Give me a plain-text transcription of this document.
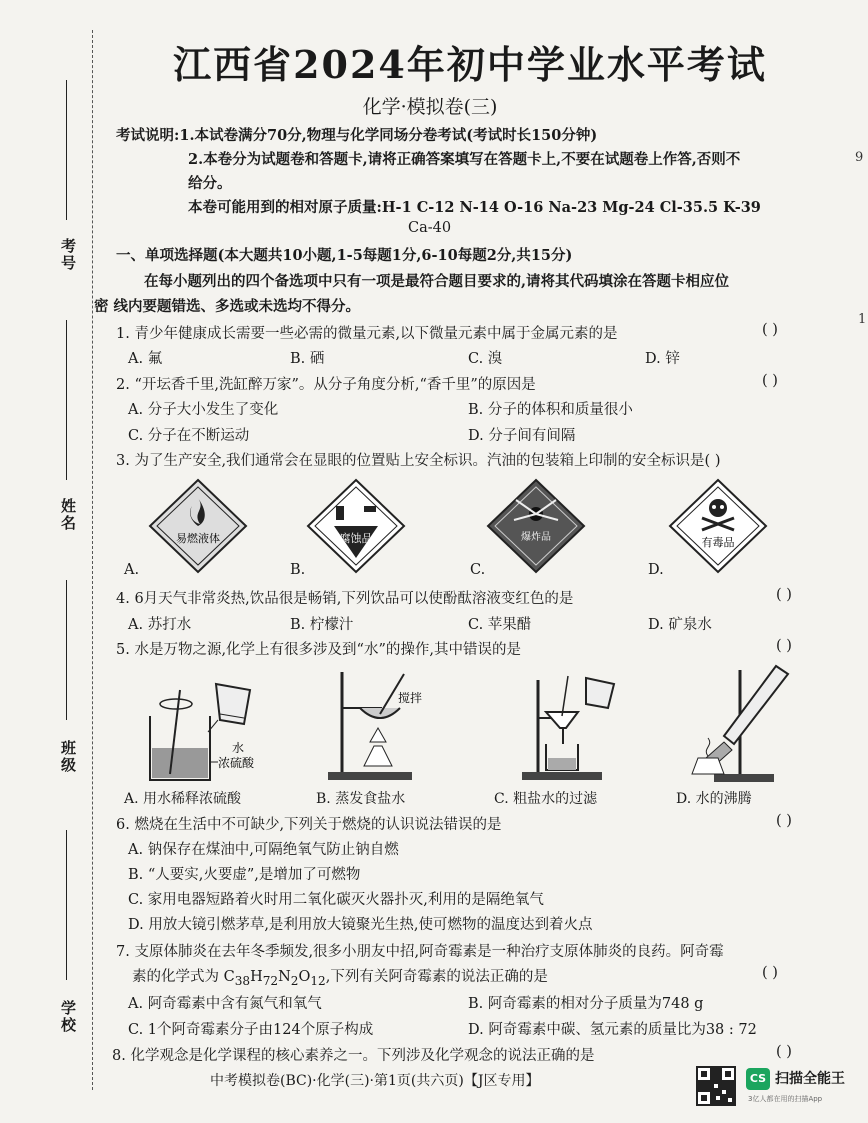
考号
姓名
班级
学校
9
1
江西省2024年初中学业水平考试
化学·模拟卷(三)
考试说明:1.本试卷满分70分,物理与化学同场分卷考试(考试时长150分钟)
2.本卷分为试题卷和答题卡,请将正确答案填写在答题卡上,不要在试题卷上作答,否则不
给分。
本卷可能用到的相对原子质量:H-1 C-12 N-14 O-16 Na-23 Mg-24 Cl-35.5 K-39
Ca-40
一、单项选择题(本大题共10小题,1-5每题1分,6-10每题2分,共15分)
在每小题列出的四个备选项中只有一项是最符合题目要求的,请将其代码填涂在答题卡相应位
密 线内要题错选、多选或未选均不得分。
1. 青少年健康成长需要一些必需的微量元素,以下微量元素中属于金属元素的是	( )
A. 氟	B. 硒	C. 溴	D. 锌
2. “开坛香千里,洗缸醉万家”。从分子角度分析,“香千里”的原因是	( )
A. 分子大小发生了变化	B. 分子的体积和质量很小
C. 分子在不断运动	D. 分子间有间隔
3. 为了生产安全,我们通常会在显眼的位置贴上安全标识。汽油的包装箱上印制的安全标识是( )
易燃液体	腐蚀品	爆炸品	有毒品
A.	B.	C.	D.
4. 6月天气非常炎热,饮品很是畅销,下列饮品可以使酚酞溶液变红色的是	( )
A. 苏打水	B. 柠檬汁	C. 苹果醋	D. 矿泉水
5. 水是万物之源,化学上有很多涉及到“水”的操作,其中错误的是	( )
水
浓硫酸
搅拌
A. 用水稀释浓硫酸	B. 蒸发食盐水	C. 粗盐水的过滤	D. 水的沸腾
6. 燃烧在生活中不可缺少,下列关于燃烧的认识说法错误的是	( )
A. 钠保存在煤油中,可隔绝氧气防止钠自燃
B. “人要实,火要虚”,是增加了可燃物
C. 家用电器短路着火时用二氧化碳灭火器扑灭,利用的是隔绝氧气
D. 用放大镜引燃茅草,是利用放大镜聚光生热,使可燃物的温度达到着火点
7. 支原体肺炎在去年冬季频发,很多小朋友中招,阿奇霉素是一种治疗支原体肺炎的良药。阿奇霉
素的化学式为 $C_{38}H_{72}N_2O_{12}$,下列有关阿奇霉素的说法正确的是	( )
A. 阿奇霉素中含有氮气和氧气	B. 阿奇霉素的相对分子质量为748 g
C. 1个阿奇霉素分子由124个原子构成	D. 阿奇霉素中碳、氢元素的质量比为38 : 72
8. 化学观念是化学课程的核心素养之一。下列涉及化学观念的说法正确的是	( )
中考模拟卷(BC)·化学(三)·第1页(共六页)【J区专用】	CS 扫描全能王
3亿人都在用的扫描App
